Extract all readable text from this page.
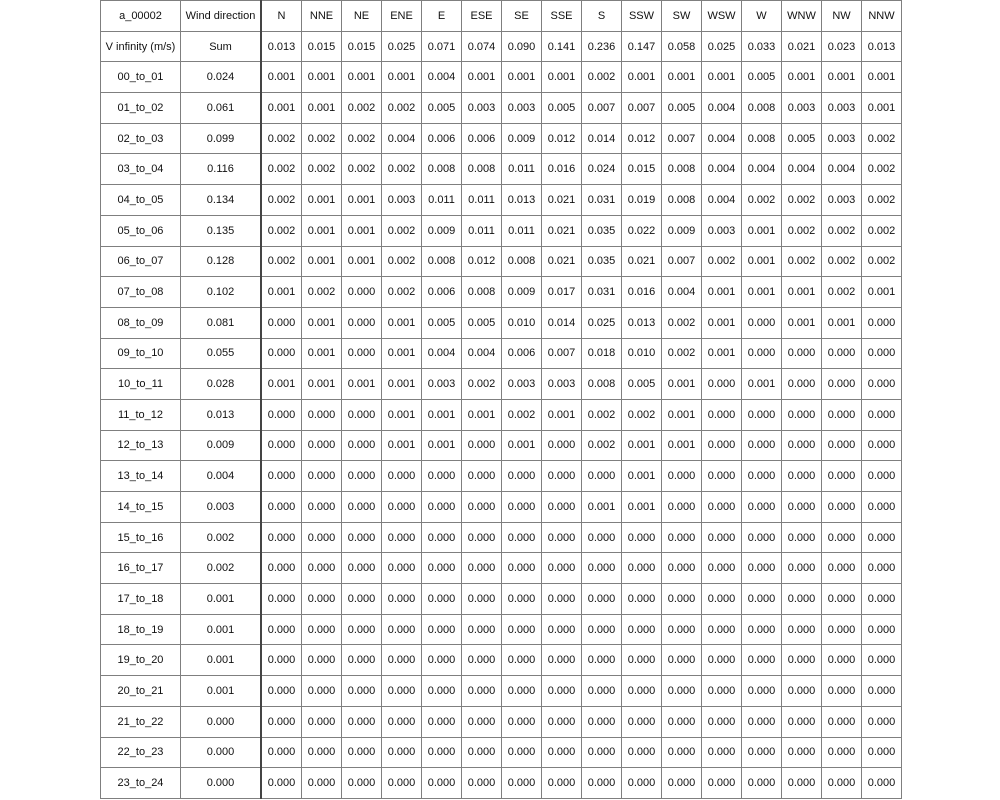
a_00002	Wind direction	N	NNE	NE	ENE	E	ESE	SE	SSE	S	SSW	SW	WSW	W	WNW	NW	NNW
V infinity (m/s)	Sum	0.013	0.015	0.015	0.025	0.071	0.074	0.090	0.141	0.236	0.147	0.058	0.025	0.033	0.021	0.023	0.013
00_to_01	0.024	0.001	0.001	0.001	0.001	0.004	0.001	0.001	0.001	0.002	0.001	0.001	0.001	0.005	0.001	0.001	0.001
01_to_02	0.061	0.001	0.001	0.002	0.002	0.005	0.003	0.003	0.005	0.007	0.007	0.005	0.004	0.008	0.003	0.003	0.001
02_to_03	0.099	0.002	0.002	0.002	0.004	0.006	0.006	0.009	0.012	0.014	0.012	0.007	0.004	0.008	0.005	0.003	0.002
03_to_04	0.116	0.002	0.002	0.002	0.002	0.008	0.008	0.011	0.016	0.024	0.015	0.008	0.004	0.004	0.004	0.004	0.002
04_to_05	0.134	0.002	0.001	0.001	0.003	0.011	0.011	0.013	0.021	0.031	0.019	0.008	0.004	0.002	0.002	0.003	0.002
05_to_06	0.135	0.002	0.001	0.001	0.002	0.009	0.011	0.011	0.021	0.035	0.022	0.009	0.003	0.001	0.002	0.002	0.002
06_to_07	0.128	0.002	0.001	0.001	0.002	0.008	0.012	0.008	0.021	0.035	0.021	0.007	0.002	0.001	0.002	0.002	0.002
07_to_08	0.102	0.001	0.002	0.000	0.002	0.006	0.008	0.009	0.017	0.031	0.016	0.004	0.001	0.001	0.001	0.002	0.001
08_to_09	0.081	0.000	0.001	0.000	0.001	0.005	0.005	0.010	0.014	0.025	0.013	0.002	0.001	0.000	0.001	0.001	0.000
09_to_10	0.055	0.000	0.001	0.000	0.001	0.004	0.004	0.006	0.007	0.018	0.010	0.002	0.001	0.000	0.000	0.000	0.000
10_to_11	0.028	0.001	0.001	0.001	0.001	0.003	0.002	0.003	0.003	0.008	0.005	0.001	0.000	0.001	0.000	0.000	0.000
11_to_12	0.013	0.000	0.000	0.000	0.001	0.001	0.001	0.002	0.001	0.002	0.002	0.001	0.000	0.000	0.000	0.000	0.000
12_to_13	0.009	0.000	0.000	0.000	0.001	0.001	0.000	0.001	0.000	0.002	0.001	0.001	0.000	0.000	0.000	0.000	0.000
13_to_14	0.004	0.000	0.000	0.000	0.000	0.000	0.000	0.000	0.000	0.000	0.001	0.000	0.000	0.000	0.000	0.000	0.000
14_to_15	0.003	0.000	0.000	0.000	0.000	0.000	0.000	0.000	0.000	0.001	0.001	0.000	0.000	0.000	0.000	0.000	0.000
15_to_16	0.002	0.000	0.000	0.000	0.000	0.000	0.000	0.000	0.000	0.000	0.000	0.000	0.000	0.000	0.000	0.000	0.000
16_to_17	0.002	0.000	0.000	0.000	0.000	0.000	0.000	0.000	0.000	0.000	0.000	0.000	0.000	0.000	0.000	0.000	0.000
17_to_18	0.001	0.000	0.000	0.000	0.000	0.000	0.000	0.000	0.000	0.000	0.000	0.000	0.000	0.000	0.000	0.000	0.000
18_to_19	0.001	0.000	0.000	0.000	0.000	0.000	0.000	0.000	0.000	0.000	0.000	0.000	0.000	0.000	0.000	0.000	0.000
19_to_20	0.001	0.000	0.000	0.000	0.000	0.000	0.000	0.000	0.000	0.000	0.000	0.000	0.000	0.000	0.000	0.000	0.000
20_to_21	0.001	0.000	0.000	0.000	0.000	0.000	0.000	0.000	0.000	0.000	0.000	0.000	0.000	0.000	0.000	0.000	0.000
21_to_22	0.000	0.000	0.000	0.000	0.000	0.000	0.000	0.000	0.000	0.000	0.000	0.000	0.000	0.000	0.000	0.000	0.000
22_to_23	0.000	0.000	0.000	0.000	0.000	0.000	0.000	0.000	0.000	0.000	0.000	0.000	0.000	0.000	0.000	0.000	0.000
23_to_24	0.000	0.000	0.000	0.000	0.000	0.000	0.000	0.000	0.000	0.000	0.000	0.000	0.000	0.000	0.000	0.000	0.000
